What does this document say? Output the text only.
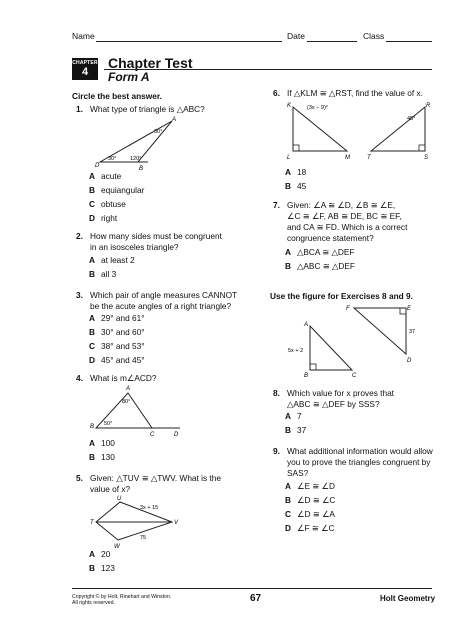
Name	Date	Class
CHAPTER
4
Chapter Test
Form A
Circle the best answer.
1. What type of triangle is △ABC?
A
D	B
30°
120°
30°
A acute
B equiangular
C obtuse
D right
2. How many sides must be congruent
in an isosceles triangle?
A at least 2
B all 3
3. Which pair of angle measures CANNOT
be the acute angles of a right triangle?
A 29° and 61°
B 30° and 60°
C 38° and 53°
D 45° and 45°
4. What is m∠ACD?
A
B
C	D
80°
50°
A 100
B 130
5. Given: △TUV ≅ △TWV. What is the
value of x?
U
T	V
W
3x + 15
75
A 20
B 123
6. If △KLM ≅ △RST, find the value of x.
K
L	M
R
T	S
(3x − 9)°
45°
A 18
B 45
7. Given: ∠A ≅ ∠D, ∠B ≅ ∠E,
∠C ≅ ∠F, AB ≅ DE, BC ≅ EF,
and CA ≅ FD. Which is a correct
congruence statement?
A △BCA ≅ △DEF
B △ABC ≅ △DEF
Use the figure for Exercises 8 and 9.
A
B	C
D
E
F
5x + 2
37
8. Which value for x proves that
△ABC ≅ △DEF by SSS?
A 7
B 37
9. What additional information would allow
you to prove the triangles congruent by
SAS?
A ∠E ≅ ∠D
B ∠D ≅ ∠C
C ∠D ≅ ∠A
D ∠F ≅ ∠C
Copyright © by Holt, Rinehart and Winston.
All rights reserved.	67	Holt Geometry
